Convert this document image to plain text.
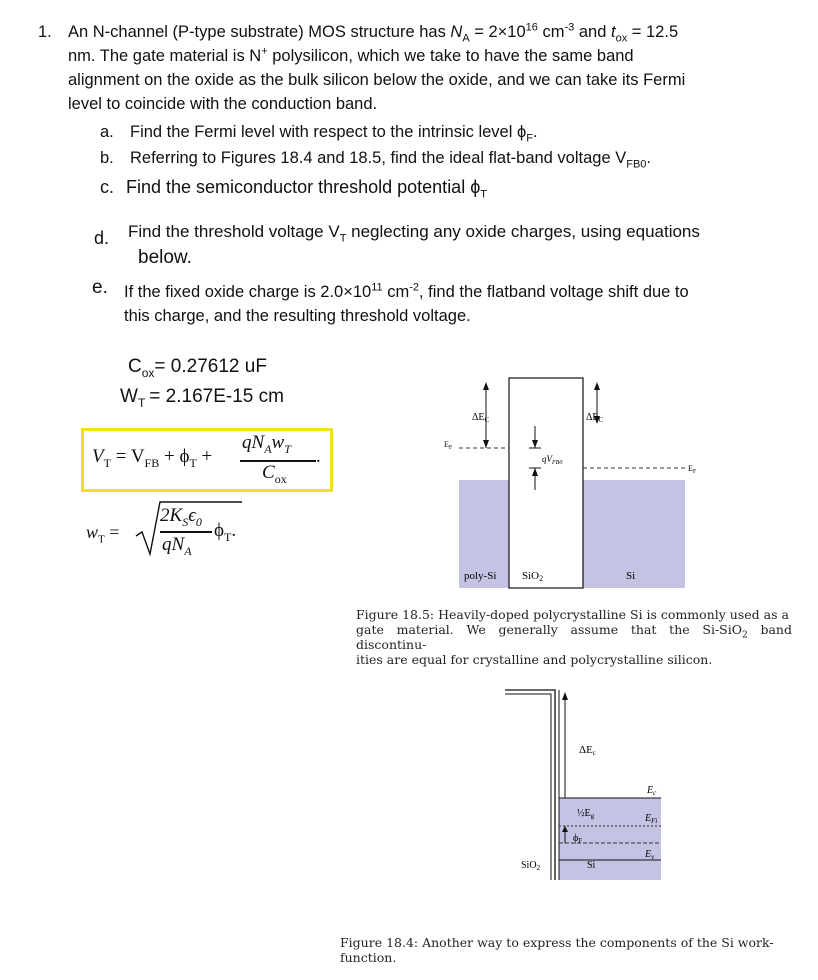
1. An N-channel (P-type substrate) MOS structure has $N_A = 2\times 10^{16}$ $cm^{-3}$ and $t_{ox} = 12.5$
nm. The gate material is N+ polysilicon, which we take to have the same band
alignment on the oxide as the bulk silicon below the oxide, and we can take its Fermi
level to coincide with the conduction band.
a. Find the Fermi level with respect to the intrinsic level $\phi_F$.
b. Referring to Figures 18.4 and 18.5, find the ideal flat-band voltage $V_{FB0}$.
c. Find the semiconductor threshold potential $\phi_T$
d. Find the threshold voltage $V_T$ neglecting any oxide charges, using equations
below.
e. If the fixed oxide charge is $2.0\times 10^{11}$ $cm^{-2}$, find the flatband voltage shift due to
this charge, and the resulting threshold voltage.
$C_{ox}= 0.27612$ uF
$W_T = 2.167E-15$ cm
$V_T = V_{FB} + \phi_T$ +
$qN_Aw_T$
$C_{ox}$
.
$w_T$ =
$2K_S\epsilon_0$
$qN_A$
$\phi_T$.
$\Delta E_C$	$\Delta E_C$
$E_F$
$qV_{FB0}$
$E_F$
poly-Si SiO2	Si
Figure 18.5: Heavily-doped polycrystalline Si is commonly used as a
gate material. We generally assume that the Si-SiO$_2$ band discontinu-
ities are equal for crystalline and polycrystalline silicon.
ΔEc
$\frac{1}{2}E_g$
$\phi_F$
$E_c$
$E_{Fi}$
$E_v$
SiO$_2$	Si
Figure 18.4: Another way to express the components of the Si work-
function.
